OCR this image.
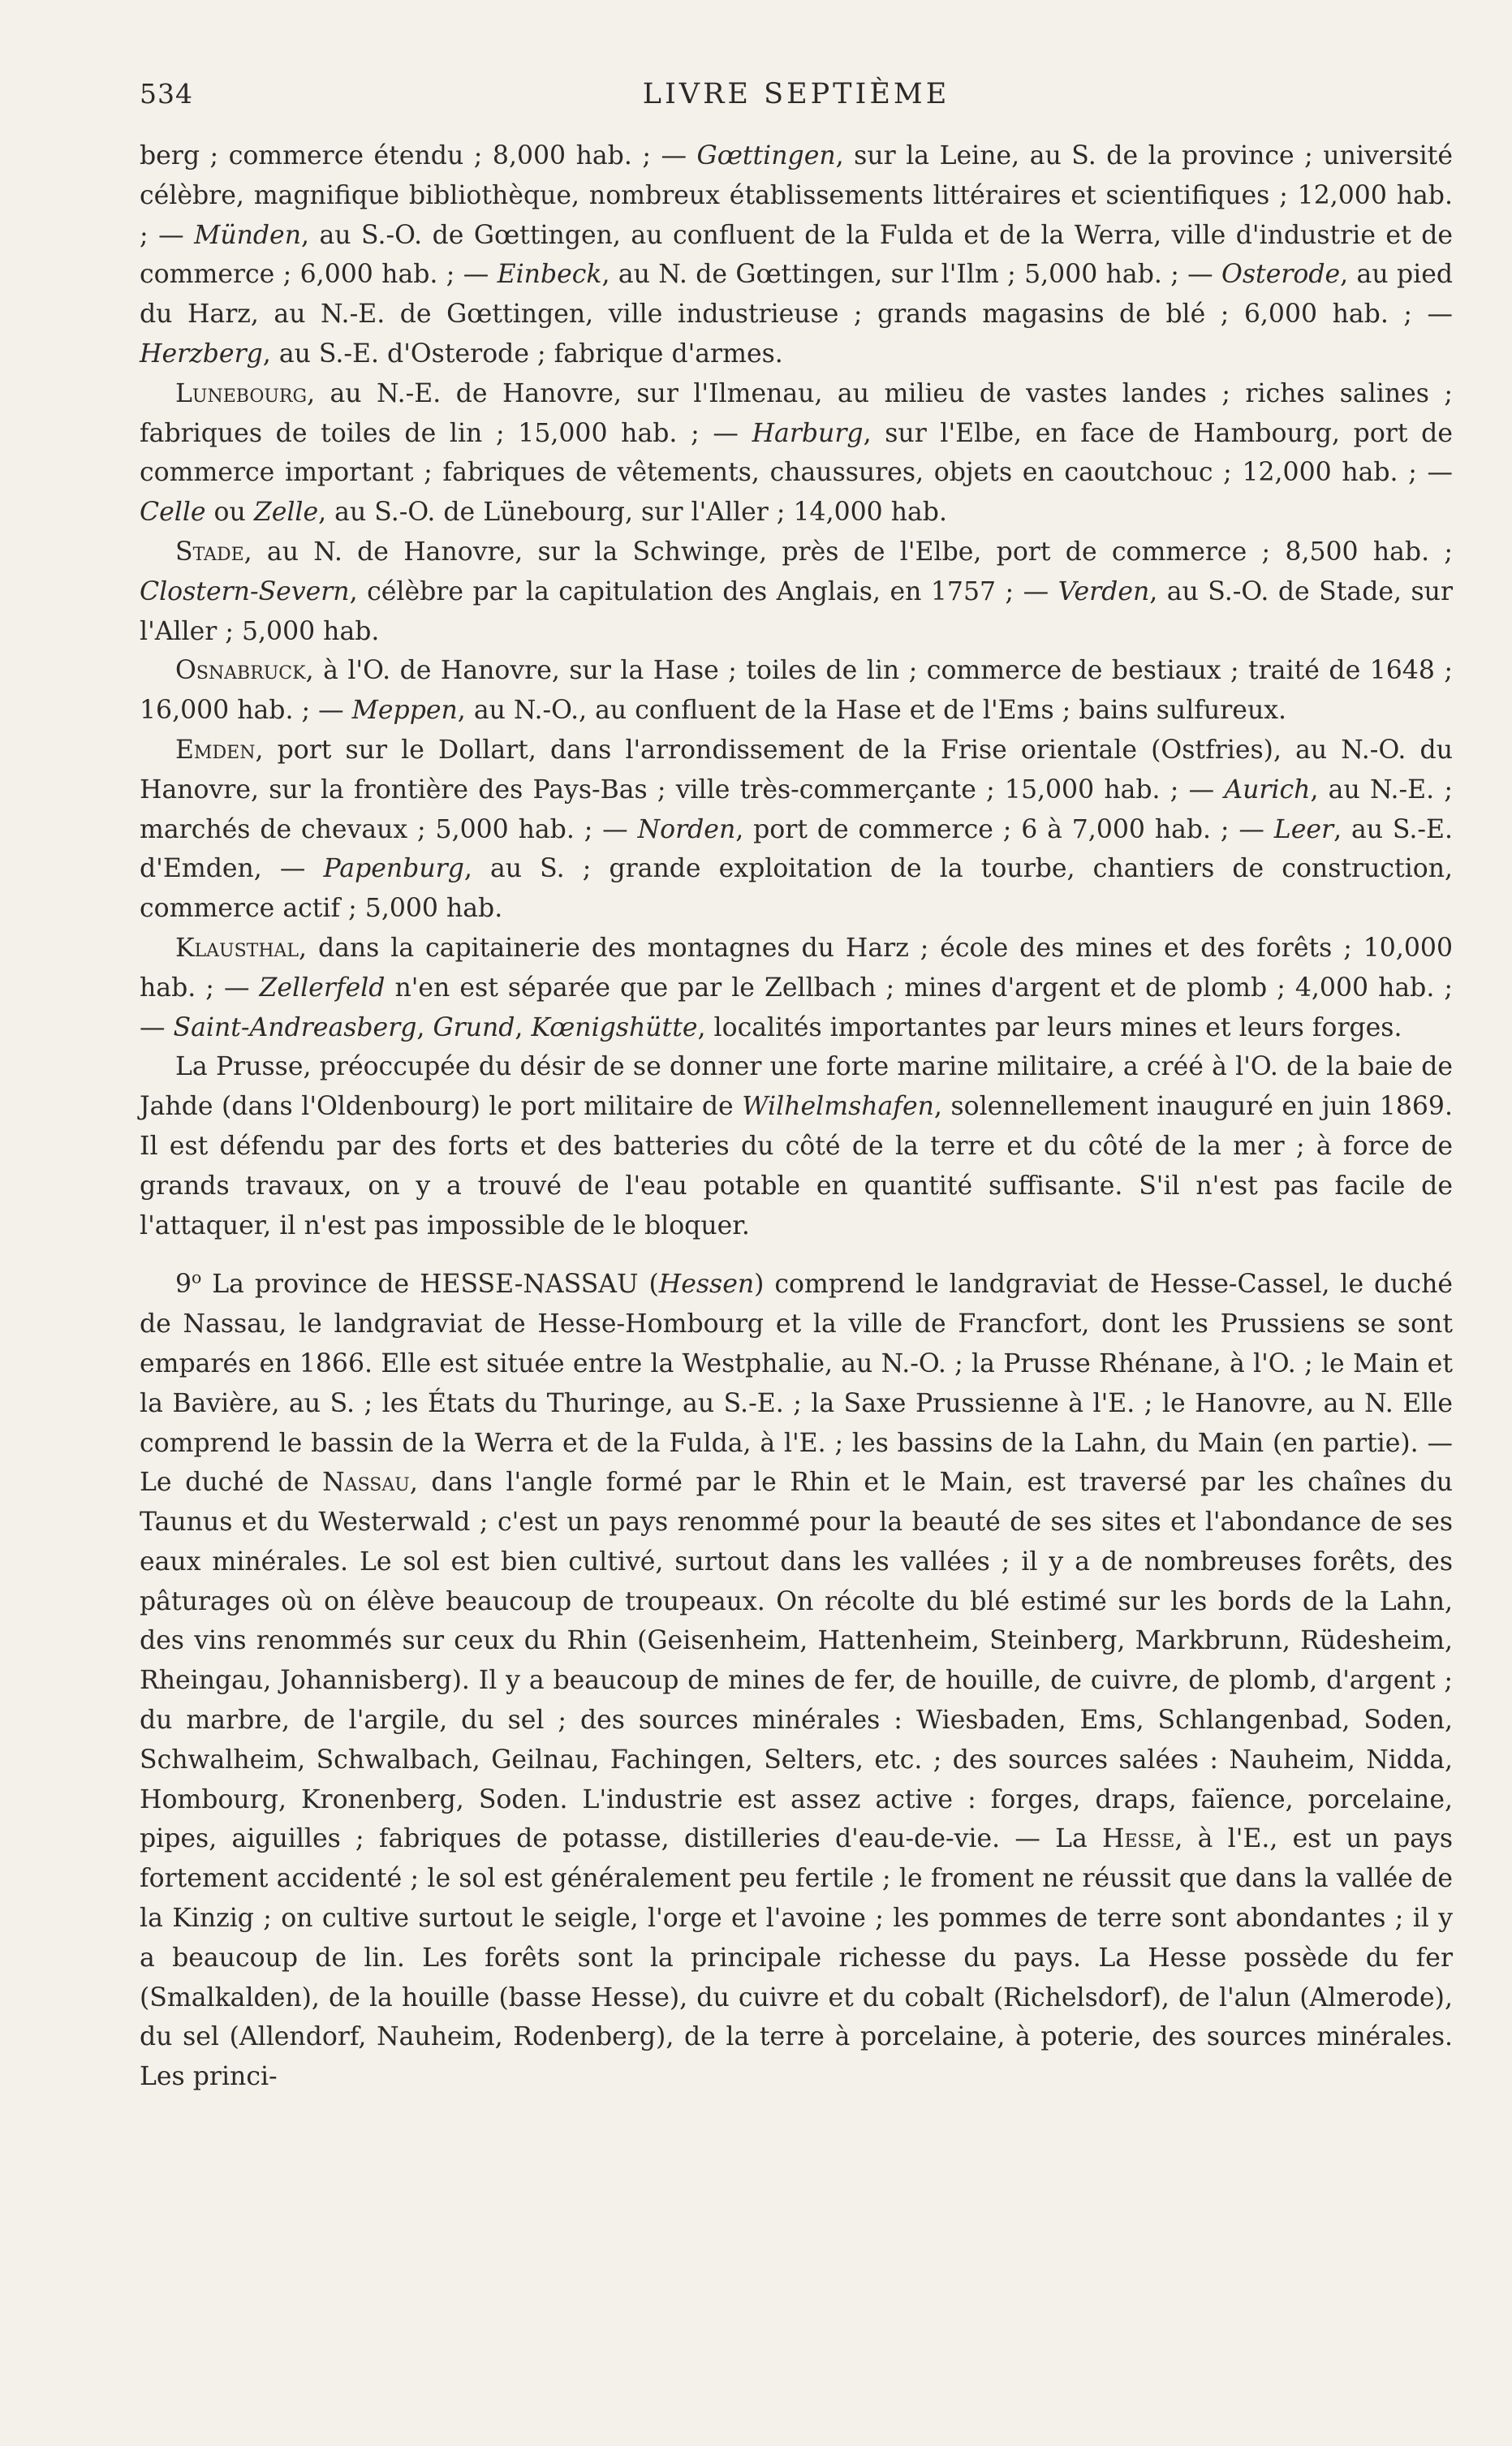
534	LIVRE SEPTIÈME

berg ; commerce étendu ; 8,000 hab. ; — Gœttingen, sur la Leine, au S. de la province ; université célèbre, magnifique bibliothèque, nombreux établissements littéraires et scientifiques ; 12,000 hab. ; — Münden, au S.-O. de Gœttingen, au confluent de la Fulda et de la Werra, ville d'industrie et de commerce ; 6,000 hab. ; — Einbeck, au N. de Gœttingen, sur l'Ilm ; 5,000 hab. ; — Osterode, au pied du Harz, au N.-E. de Gœttingen, ville industrieuse ; grands magasins de blé ; 6,000 hab. ; — Herzberg, au S.-E. d'Osterode ; fabrique d'armes.

Lunebourg, au N.-E. de Hanovre, sur l'Ilmenau, au milieu de vastes landes ; riches salines ; fabriques de toiles de lin ; 15,000 hab. ; — Harburg, sur l'Elbe, en face de Hambourg, port de commerce important ; fabriques de vêtements, chaussures, objets en caoutchouc ; 12,000 hab. ; — Celle ou Zelle, au S.-O. de Lünebourg, sur l'Aller ; 14,000 hab.

Stade, au N. de Hanovre, sur la Schwinge, près de l'Elbe, port de commerce ; 8,500 hab. ; Clostern-Severn, célèbre par la capitulation des Anglais, en 1757 ; — Verden, au S.-O. de Stade, sur l'Aller ; 5,000 hab.

Osnabruck, à l'O. de Hanovre, sur la Hase ; toiles de lin ; commerce de bestiaux ; traité de 1648 ; 16,000 hab. ; — Meppen, au N.-O., au confluent de la Hase et de l'Ems ; bains sulfureux.

Emden, port sur le Dollart, dans l'arrondissement de la Frise orientale (Ostfries), au N.-O. du Hanovre, sur la frontière des Pays-Bas ; ville très-commerçante ; 15,000 hab. ; — Aurich, au N.-E. ; marchés de chevaux ; 5,000 hab. ; — Norden, port de commerce ; 6 à 7,000 hab. ; — Leer, au S.-E. d'Emden, — Papenburg, au S. ; grande exploitation de la tourbe, chantiers de construction, commerce actif ; 5,000 hab.

Klausthal, dans la capitainerie des montagnes du Harz ; école des mines et des forêts ; 10,000 hab. ; — Zellerfeld n'en est séparée que par le Zellbach ; mines d'argent et de plomb ; 4,000 hab. ; — Saint-Andreasberg, Grund, Kœnigshütte, localités importantes par leurs mines et leurs forges.

La Prusse, préoccupée du désir de se donner une forte marine militaire, a créé à l'O. de la baie de Jahde (dans l'Oldenbourg) le port militaire de Wilhelmshafen, solennellement inauguré en juin 1869. Il est défendu par des forts et des batteries du côté de la terre et du côté de la mer ; à force de grands travaux, on y a trouvé de l'eau potable en quantité suffisante. S'il n'est pas facile de l'attaquer, il n'est pas impossible de le bloquer.

9$^o$ La province de HESSE-NASSAU (Hessen) comprend le landgraviat de Hesse-Cassel, le duché de Nassau, le landgraviat de Hesse-Hombourg et la ville de Francfort, dont les Prussiens se sont emparés en 1866. Elle est située entre la Westphalie, au N.-O. ; la Prusse Rhénane, à l'O. ; le Main et la Bavière, au S. ; les États du Thuringe, au S.-E. ; la Saxe Prussienne à l'E. ; le Hanovre, au N. Elle comprend le bassin de la Werra et de la Fulda, à l'E. ; les bassins de la Lahn, du Main (en partie). — Le duché de Nassau, dans l'angle formé par le Rhin et le Main, est traversé par les chaînes du Taunus et du Westerwald ; c'est un pays renommé pour la beauté de ses sites et l'abondance de ses eaux minérales. Le sol est bien cultivé, surtout dans les vallées ; il y a de nombreuses forêts, des pâturages où on élève beaucoup de troupeaux. On récolte du blé estimé sur les bords de la Lahn, des vins renommés sur ceux du Rhin (Geisenheim, Hattenheim, Steinberg, Markbrunn, Rüdesheim, Rheingau, Johannisberg). Il y a beaucoup de mines de fer, de houille, de cuivre, de plomb, d'argent ; du marbre, de l'argile, du sel ; des sources minérales : Wiesbaden, Ems, Schlangenbad, Soden, Schwalheim, Schwalbach, Geilnau, Fachingen, Selters, etc. ; des sources salées : Nauheim, Nidda, Hombourg, Kronenberg, Soden. L'industrie est assez active : forges, draps, faïence, porcelaine, pipes, aiguilles ; fabriques de potasse, distilleries d'eau-de-vie. — La Hesse, à l'E., est un pays fortement accidenté ; le sol est généralement peu fertile ; le froment ne réussit que dans la vallée de la Kinzig ; on cultive surtout le seigle, l'orge et l'avoine ; les pommes de terre sont abondantes ; il y a beaucoup de lin. Les forêts sont la principale richesse du pays. La Hesse possède du fer (Smalkalden), de la houille (basse Hesse), du cuivre et du cobalt (Richelsdorf), de l'alun (Almerode), du sel (Allendorf, Nauheim, Rodenberg), de la terre à porcelaine, à poterie, des sources minérales. Les princi-
